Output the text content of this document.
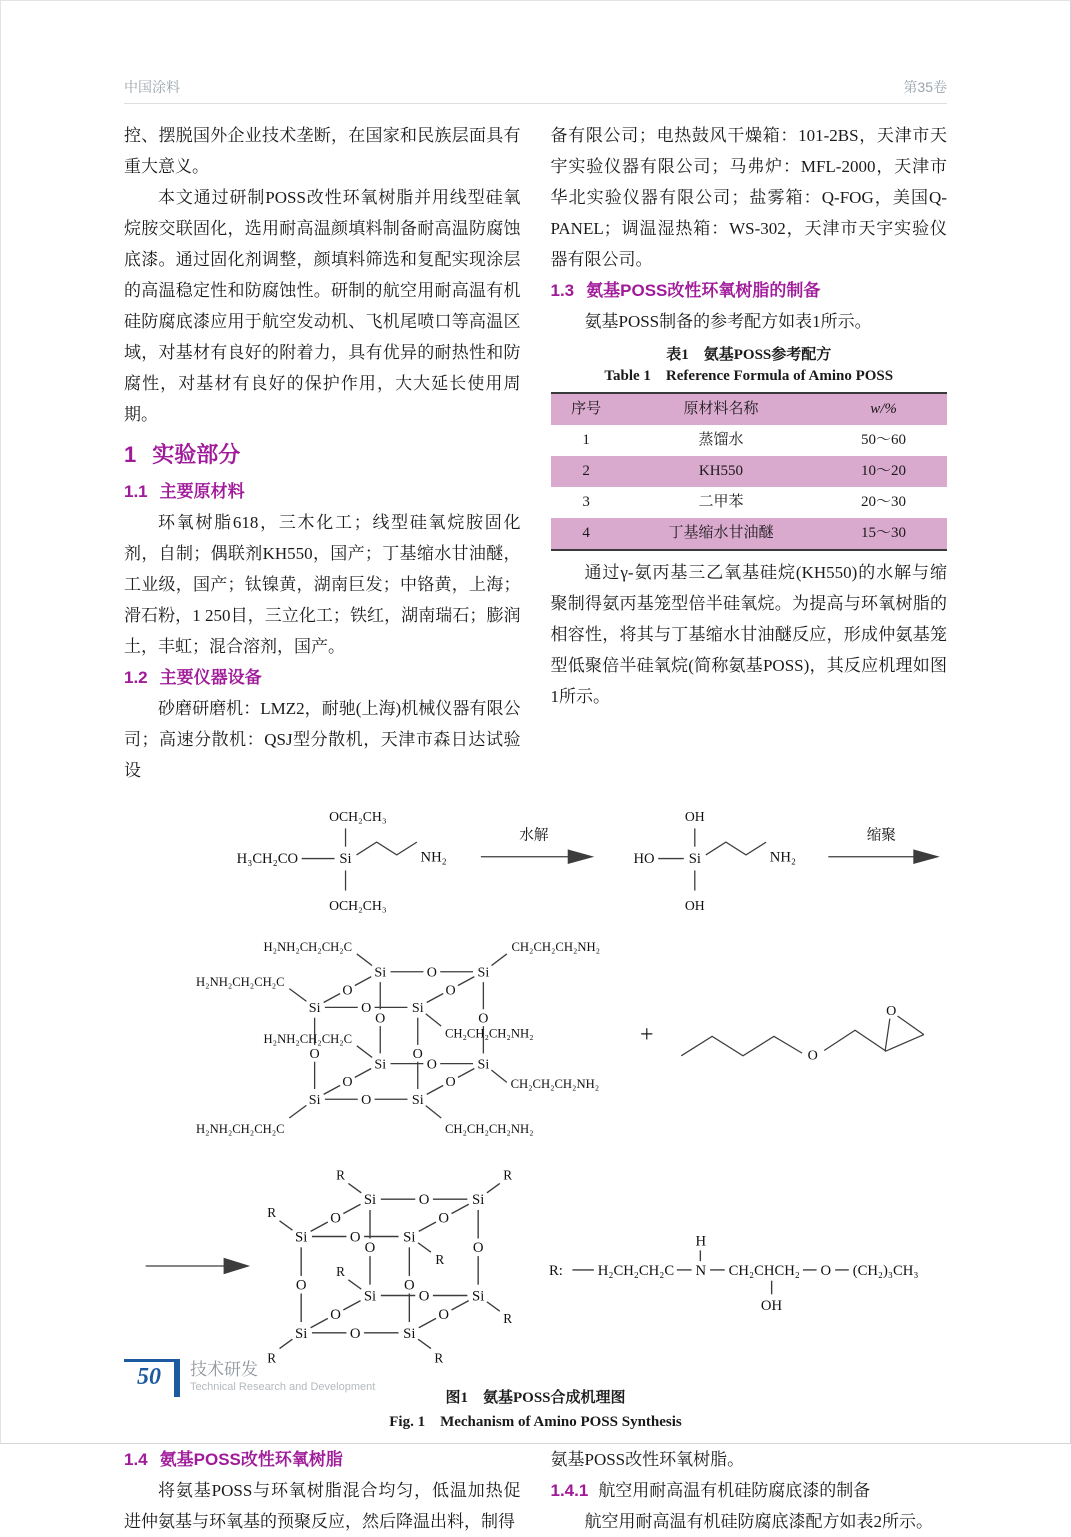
中国涂料	第35卷

控、摆脱国外企业技术垄断，在国家和民族层面具有重大意义。

本文通过研制POSS改性环氧树脂并用线型硅氧烷胺交联固化，选用耐高温颜填料制备耐高温防腐蚀底漆。通过固化剂调整，颜填料筛选和复配实现涂层的高温稳定性和防腐蚀性。研制的航空用耐高温有机硅防腐底漆应用于航空发动机、飞机尾喷口等高温区域，对基材有良好的附着力，具有优异的耐热性和防腐性，对基材有良好的保护作用，大大延长使用周期。

1 实验部分
1.1 主要原材料

环氧树脂618，三木化工；线型硅氧烷胺固化剂，自制；偶联剂KH550，国产；丁基缩水甘油醚，工业级，国产；钛镍黄，湖南巨发；中铬黄，上海；滑石粉，1 250目，三立化工；铁红，湖南瑞石；膨润土，丰虹；混合溶剂，国产。

1.2 主要仪器设备

砂磨研磨机：LMZ2，耐驰(上海)机械仪器有限公司；高速分散机：QSJ型分散机，天津市森日达试验设

备有限公司；电热鼓风干燥箱：101-2BS，天津市天宇实验仪器有限公司；马弗炉：MFL-2000，天津市华北实验仪器有限公司；盐雾箱：Q-FOG，美国Q-PANEL；调温湿热箱：WS-302，天津市天宇实验仪器有限公司。

1.3 氨基POSS改性环氧树脂的制备

氨基POSS制备的参考配方如表1所示。

表1　氨基POSS参考配方
Table 1　Reference Formula of Amino POSS
序号	原材料名称	w/%
1	蒸馏水	50～60
2	KH550	10～20
3	二甲苯	20～30
4	丁基缩水甘油醚	15～30

通过γ-氨丙基三乙氧基硅烷(KH550)的水解与缩聚制得氨丙基笼型倍半硅氧烷。为提高与环氧树脂的相容性，将其与丁基缩水甘油醚反应，形成仲氨基笼型低聚倍半硅氧烷(简称氨基POSS)，其反应机理如图1所示。

H₃CH₂CO	Si
OCH₂CH₃
OCH₂CH₃
NH₂
水解
HO Si
OH
OH
NH₂
缩聚
Si	Si
Si
Si
Si	Si
Si
Si
O
O
O
O
O
O
O
O
O	O
O
O
H₂NH₂CH₂CH₂C
H₂NH₂CH₂CH₂C
H₂NH₂CH₂CH₂C
H₂NH₂CH₂CH₂C
CH₂CH₂CH₂NH₂
CH₂CH₂CH₂NH₂
CH₂CH₂CH₂NH₂
CH₂CH₂CH₂NH₂
+
O
O
Si	Si
Si
Si
Si	Si
Si
Si
O
O
O
O
O
O
O
O
O	O
O
O
R
R
R
R
R
R
R
R
R: H₂CH₂CH₂C N
H
CH₂CHCH₂
OH
O (CH₂)₃CH₃
图1　氨基POSS合成机理图
Fig. 1　Mechanism of Amino POSS Synthesis
1.4 氨基POSS改性环氧树脂

将氨基POSS与环氧树脂混合均匀，低温加热促进仲氨基与环氧基的预聚反应，然后降温出料，制得

氨基POSS改性环氧树脂。

1.4.1 航空用耐高温有机硅防腐底漆的制备

航空用耐高温有机硅防腐底漆配方如表2所示。

50	技术研发
Technical Research and Development
